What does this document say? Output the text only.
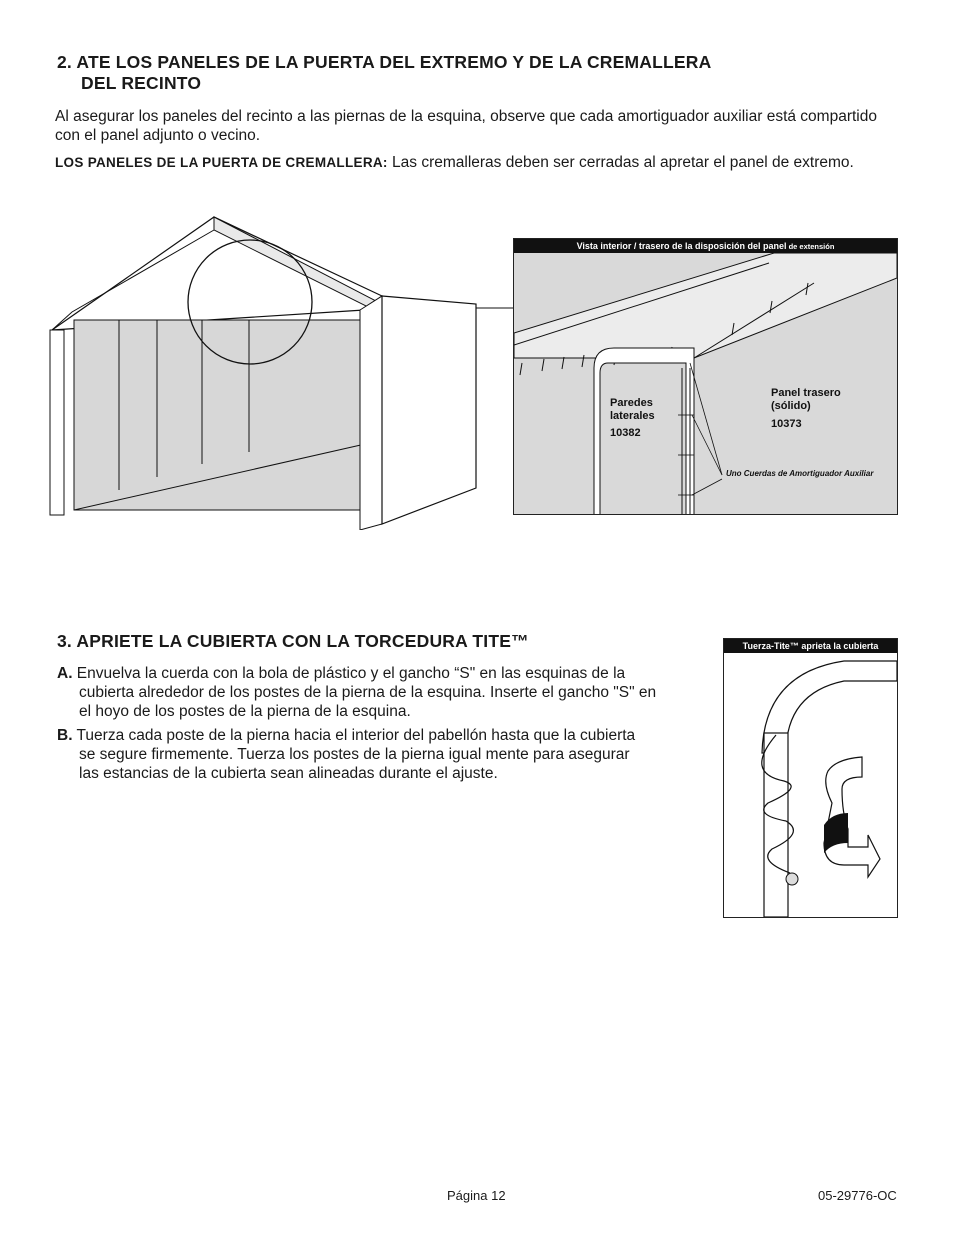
2. ATE LOS PANELES DE LA PUERTA DEL EXTREMO Y DE LA CREMALLERA
DEL RECINTO
Al asegurar los paneles del recinto a las piernas de la esquina, observe que cada amortiguador auxiliar está compartido con el panel adjunto o vecino.
LOS PANELES DE LA PUERTA DE CREMALLERA: Las cremalleras deben ser cerradas al apretar el panel de extremo.
Vista interior / trasero de la disposición del panel de extensión
Paredes laterales
10382
Panel trasero (sólido)
10373
Uno Cuerdas de Amortiguador Auxiliar
3. APRIETE LA CUBIERTA CON LA TORCEDURA TITE™
A. Envuelva la cuerda con la bola de plástico y el gancho “S" en las esquinas de la cubierta alrededor de los postes de la pierna de la esquina. Inserte el gancho "S" en el hoyo de los postes de la pierna de la esquina.
B. Tuerza cada poste de la pierna hacia el interior del pabellón hasta que la cubierta se segure firmemente. Tuerza los postes de la pierna igual mente para asegurar las estancias de la cubierta sean alineadas durante el ajuste.
Tuerza-Tite™ aprieta la cubierta
Página 12	05-29776-OC
